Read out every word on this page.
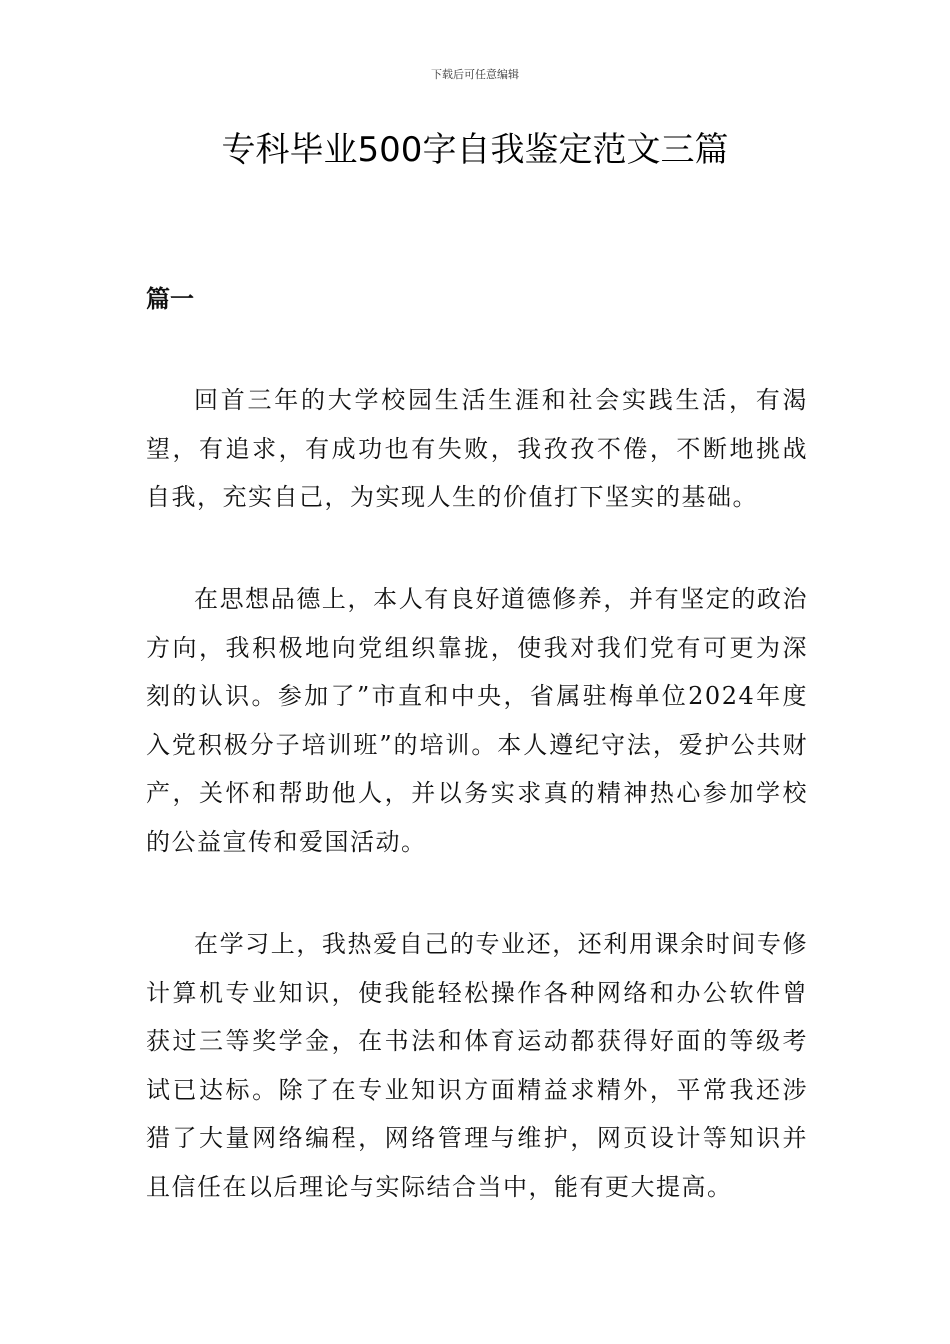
下载后可任意编辑
专科毕业500字自我鉴定范文三篇
篇一

回首三年的大学校园生活生涯和社会实践生活，有渴望，有追求，有成功也有失败，我孜孜不倦，不断地挑战自我，充实自己，为实现人生的价值打下坚实的基础。

在思想品德上，本人有良好道德修养，并有坚定的政治方向，我积极地向党组织靠拢，使我对我们党有可更为深刻的认识。参加了”市直和中央，省属驻梅单位2024年度入党积极分子培训班”的培训。本人遵纪守法，爱护公共财产，关怀和帮助他人，并以务实求真的精神热心参加学校的公益宣传和爱国活动。

在学习上，我热爱自己的专业还，还利用课余时间专修计算机专业知识，使我能轻松操作各种网络和办公软件曾获过三等奖学金，在书法和体育运动都获得好面的等级考试已达标。除了在专业知识方面精益求精外，平常我还涉猎了大量网络编程，网络管理与维护，网页设计等知识并且信任在以后理论与实际结合当中，能有更大提高。
